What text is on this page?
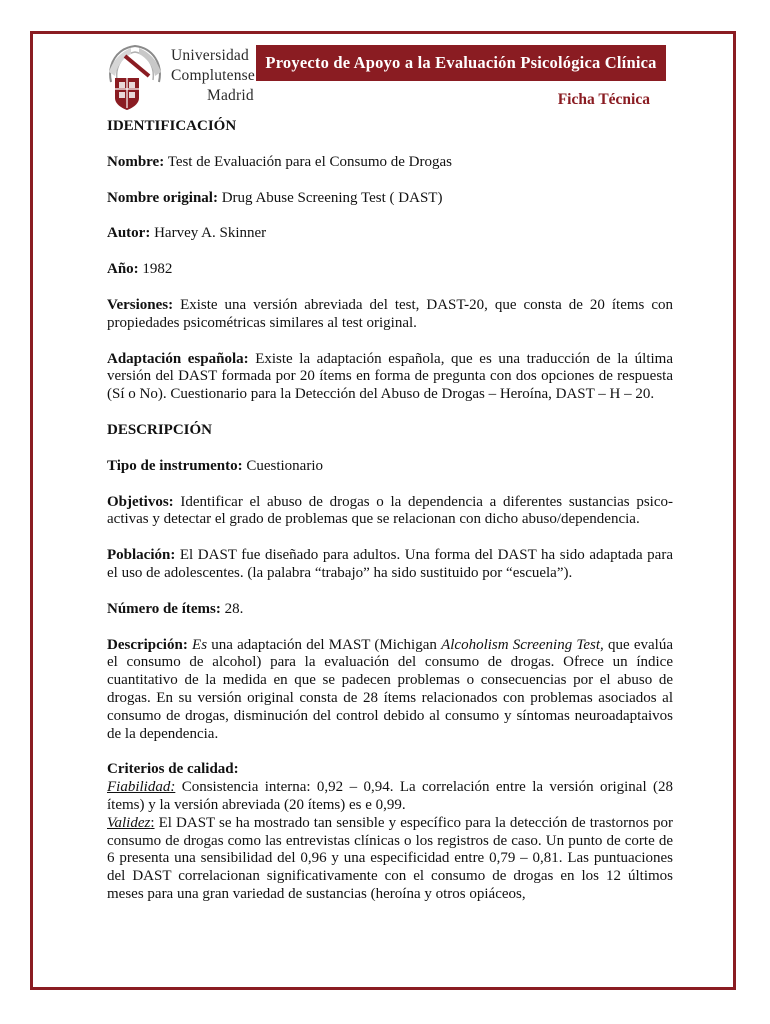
Universidad
Complutense
Madrid
Proyecto de Apoyo a la Evaluación Psicológica Clínica
Ficha Técnica

IDENTIFICACIÓN

Nombre: Test de Evaluación para el Consumo de Drogas

Nombre original: Drug Abuse Screening Test ( DAST)

Autor: Harvey A. Skinner

Año: 1982

Versiones: Existe una versión abreviada del test, DAST-20, que consta de 20 ítems con propiedades psicométricas similares al test original.

Adaptación española: Existe la adaptación española, que es una traducción de la última versión del DAST formada por 20 ítems en forma de pregunta con dos opciones de respuesta (Sí o No). Cuestionario para la Detección del Abuso de Drogas – Heroína, DAST – H – 20.

DESCRIPCIÓN

Tipo de instrumento: Cuestionario

Objetivos: Identificar el abuso de drogas o la dependencia a diferentes sustancias psico-activas y detectar el grado de problemas que se relacionan con dicho abuso/dependencia.

Población: El DAST fue diseñado para adultos. Una forma del DAST ha sido adaptada para el uso de adolescentes. (la palabra “trabajo” ha sido sustituido por “escuela”).

Número de ítems: 28.

Descripción: Es una adaptación del MAST (Michigan Alcoholism Screening Test, que evalúa el consumo de alcohol) para la evaluación del consumo de drogas. Ofrece un índice cuantitativo de la medida en que se padecen problemas o consecuencias por el abuso de drogas. En su versión original consta de 28 ítems relacionados con problemas asociados al consumo de drogas, disminución del control debido al consumo y síntomas neuroadaptaivos de la dependencia.

Criterios de calidad:

Fiabilidad: Consistencia interna: 0,92 – 0,94. La correlación entre la versión original (28 ítems) y la versión abreviada (20 ítems) es e 0,99.

Validez: El DAST se ha mostrado tan sensible y específico para la detección de trastornos por consumo de drogas como las entrevistas clínicas o los registros de caso. Un punto de corte de 6 presenta una sensibilidad del 0,96 y una especificidad entre 0,79 – 0,81. Las puntuaciones del DAST correlacionan significativamente con el consumo de drogas en los 12 últimos meses para una gran variedad de sustancias (heroína y otros opiáceos,
